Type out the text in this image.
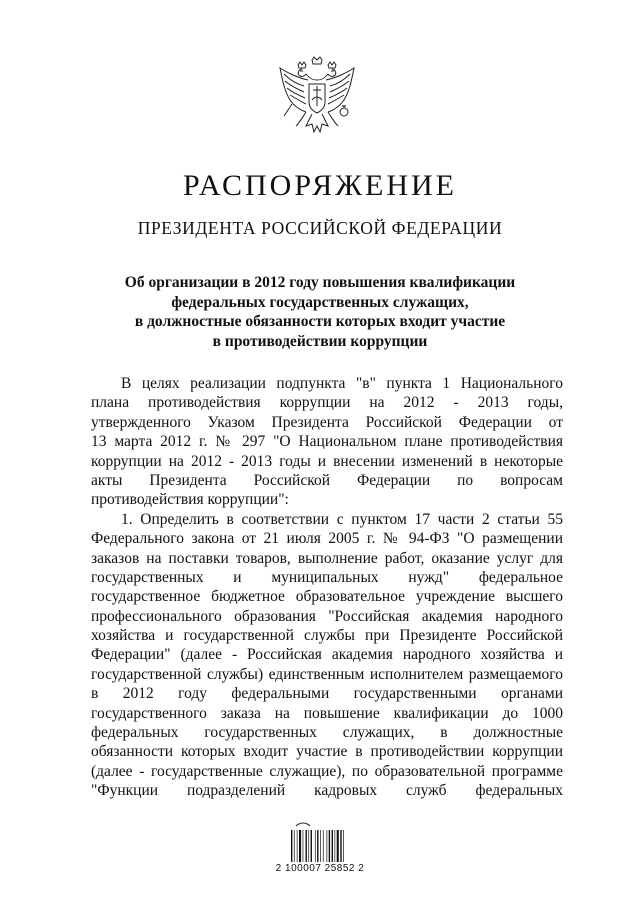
РАСПОРЯЖЕНИЕ
ПРЕЗИДЕНТА РОССИЙСКОЙ ФЕДЕРАЦИИ
Об организации в 2012 году повышения квалификации
федеральных государственных служащих,
в должностные обязанности которых входит участие
в противодействии коррупции
В целях реализации подпункта "в" пункта 1 Национального
плана противодействия коррупции на 2012 - 2013 годы,
утвержденного Указом Президента Российской Федерации от
13 марта 2012 г. № 297 "О Национальном плане противодействия
коррупции на 2012 - 2013 годы и внесении изменений в некоторые
акты Президента Российской Федерации по вопросам
противодействия коррупции":
1. Определить в соответствии с пунктом 17 части 2 статьи 55
Федерального закона от 21 июля 2005 г. № 94-ФЗ "О размещении
заказов на поставки товаров, выполнение работ, оказание услуг для
государственных и муниципальных нужд" федеральное
государственное бюджетное образовательное учреждение высшего
профессионального образования "Российская академия народного
хозяйства и государственной службы при Президенте Российской
Федерации" (далее - Российская академия народного хозяйства и
государственной службы) единственным исполнителем размещаемого
в 2012 году федеральными государственными органами
государственного заказа на повышение квалификации до 1000
федеральных государственных служащих, в должностные
обязанности которых входит участие в противодействии коррупции
(далее - государственные служащие), по образовательной программе
"Функции подразделений кадровых служб федеральных
2 100007 25852 2
